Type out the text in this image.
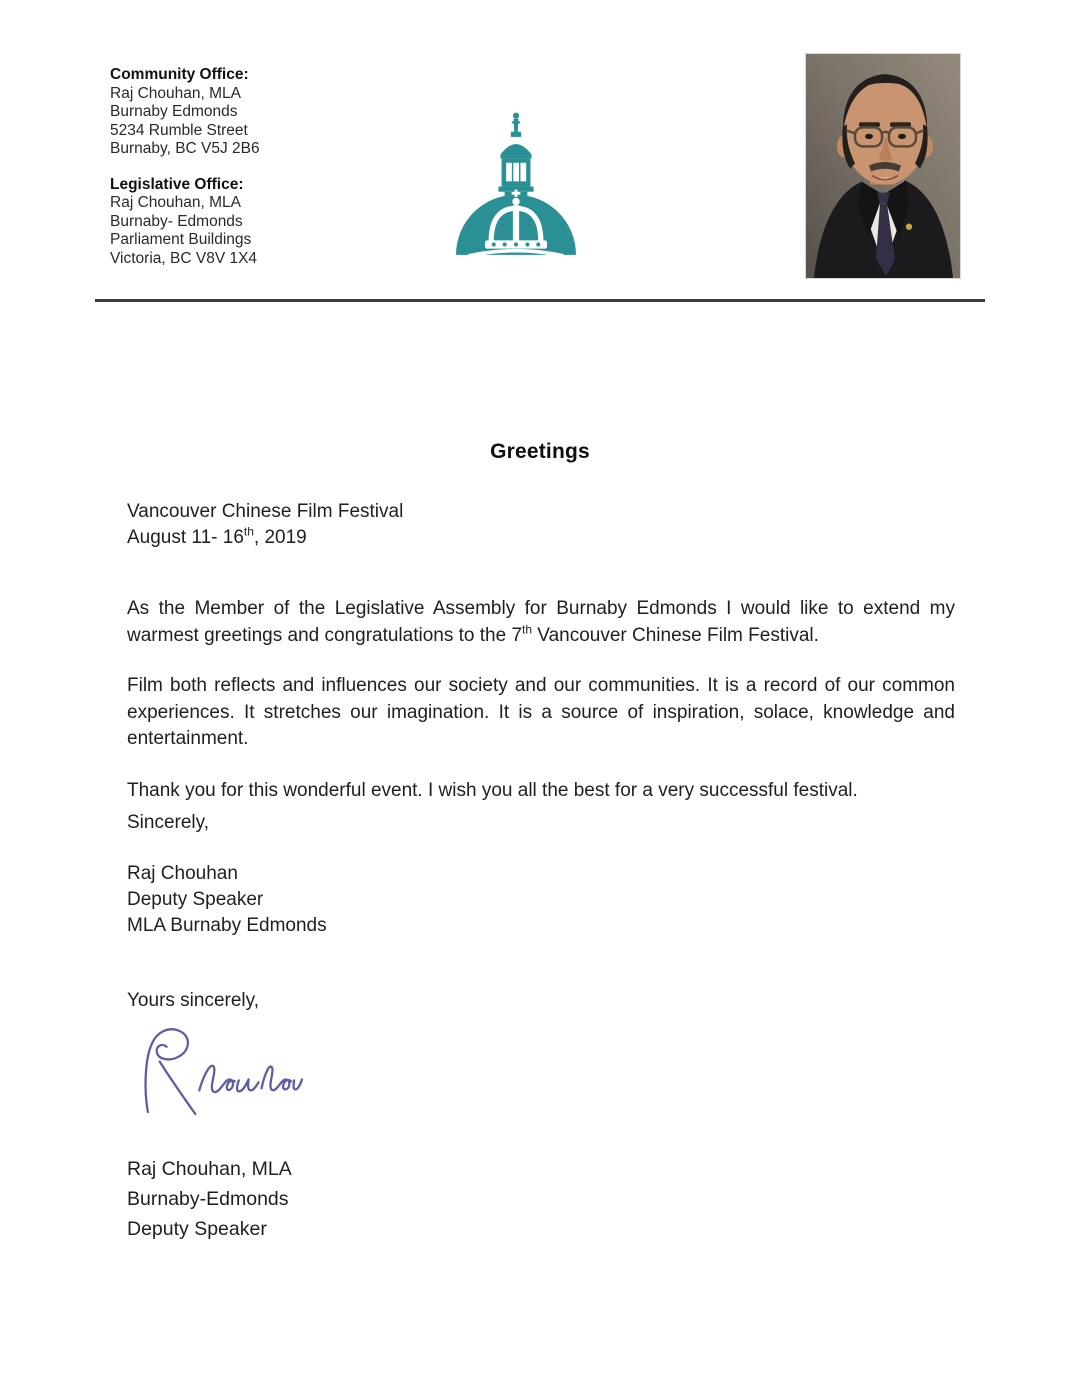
Community Office:
Raj Chouhan, MLA
Burnaby Edmonds
5234 Rumble Street
Burnaby, BC V5J 2B6
Legislative Office:
Raj Chouhan, MLA
Burnaby- Edmonds
Parliament Buildings
Victoria, BC V8V 1X4
Greetings
Vancouver Chinese Film Festival
August 11- 16th, 2019

As the Member of the Legislative Assembly for Burnaby Edmonds I would like to extend my warmest greetings and congratulations to the 7th Vancouver Chinese Film Festival.

Film both reflects and influences our society and our communities. It is a record of our common experiences. It stretches our imagination. It is a source of inspiration, solace, knowledge and entertainment.

Thank you for this wonderful event. I wish you all the best for a very successful festival.

Sincerely,
Raj Chouhan
Deputy Speaker
MLA Burnaby Edmonds
Yours sincerely,
Raj Chouhan, MLA
Burnaby-Edmonds
Deputy Speaker
